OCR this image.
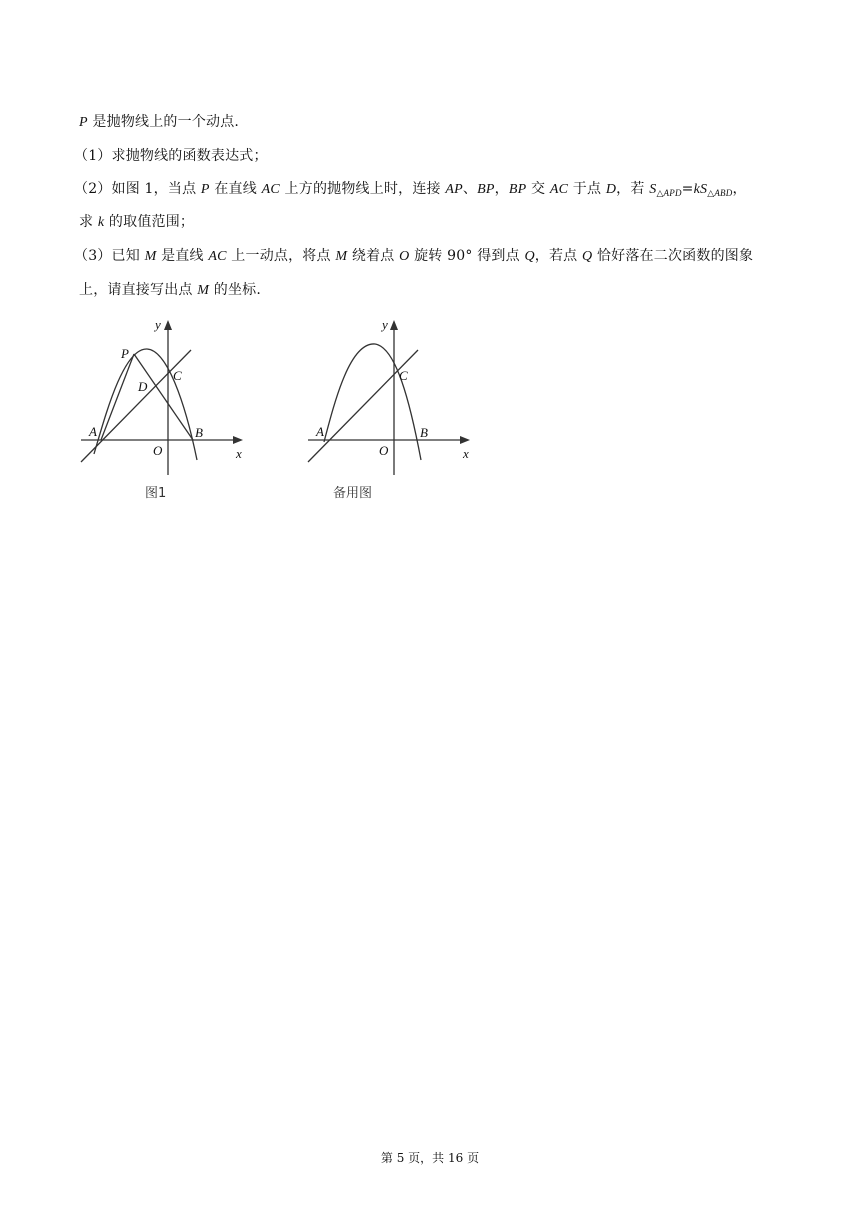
P 是抛物线上的一个动点.
（1）求抛物线的函数表达式；
（2）如图 1，当点 P 在直线 AC 上方的抛物线上时，连接 AP、BP，BP 交 AC 于点 D，若 $S_{\triangle APD}=kS_{\triangle ABD}$，
求 k 的取值范围；
（3）已知 M 是直线 AC 上一动点，将点 M 绕着点 O 旋转 90° 得到点 Q，若点 Q 恰好落在二次函数的图象
上，请直接写出点 M 的坐标.
y
x
O
A	B
C
D
P
图1
y
x
O
A	B
C
备用图
第 5 页，共 16 页
